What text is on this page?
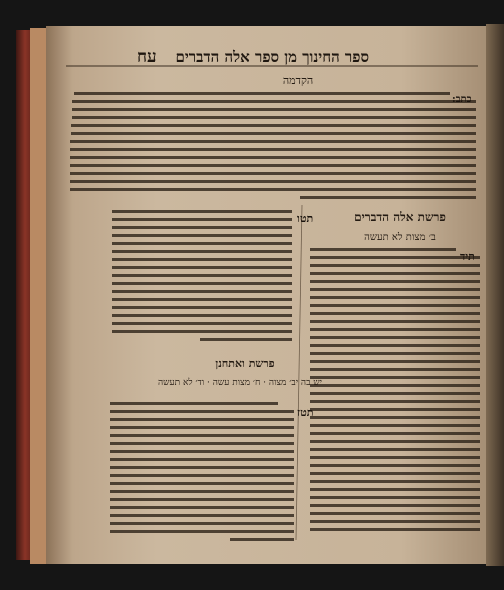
ספר החינוך מן ספר אלה הדברים
עח
הקדמה
פרשת אלה הדברים
ב׳ מצות לא תעשה
פרשת ואתחנן
יש בה יב׳ מצוה · ח׳ מצות עשה · וד׳ לא תעשה
כתב:
תיד
תטו
תטז
